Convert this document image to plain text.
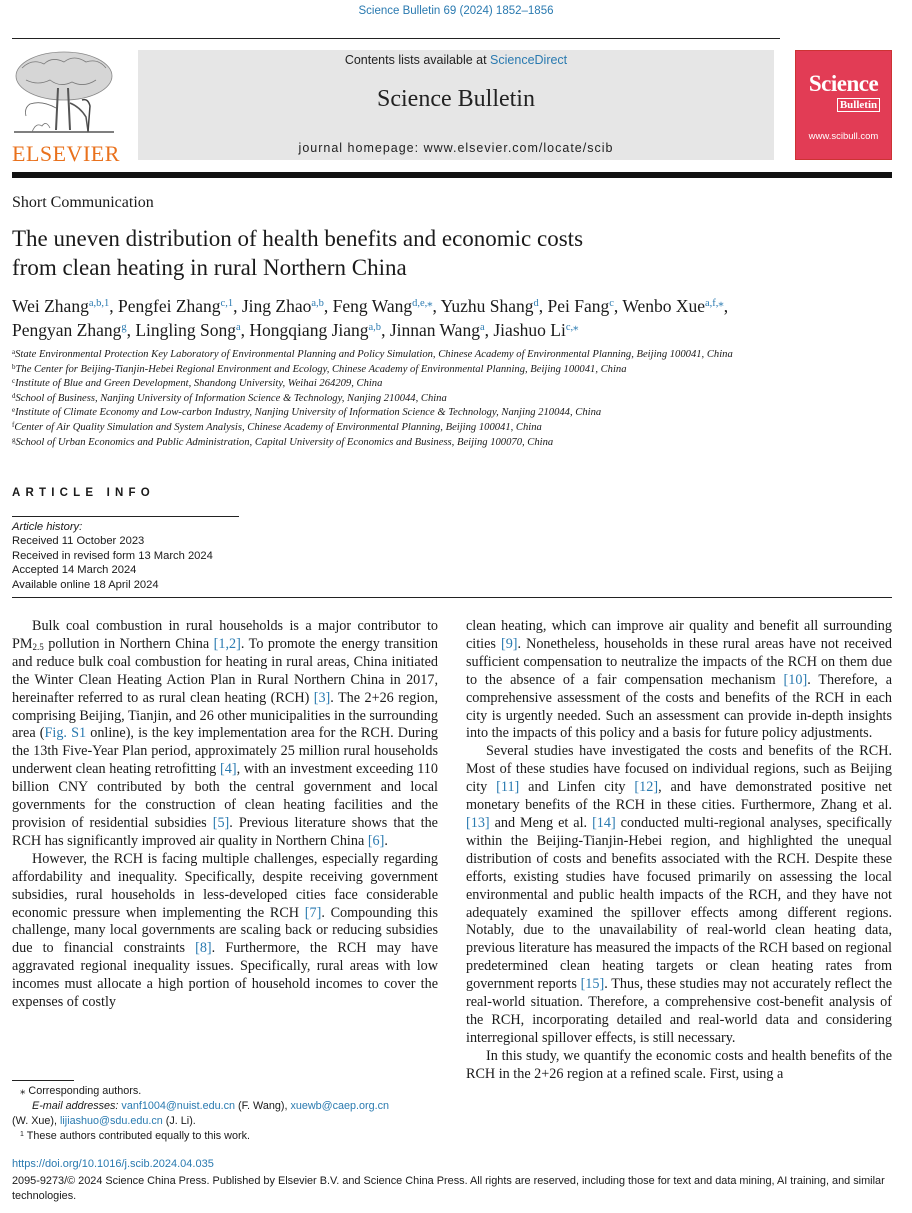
Science Bulletin 69 (2024) 1852–1856
ELSEVIER
Contents lists available at ScienceDirect
Science Bulletin
journal homepage: www.elsevier.com/locate/scib
Science
Bulletin
www.scibull.com
Short Communication
The uneven distribution of health benefits and economic costs
from clean heating in rural Northern China
Wei Zhang$^{a,b,1}$, Pengfei Zhang$^{c,1}$, Jing Zhao$^{a,b}$, Feng Wang$^{d,e,⁎}$, Yuzhu Shang$^d$, Pei Fang$^c$, Wenbo Xue$^{a,f,⁎}$,
Pengyan Zhang$^g$, Lingling Song$^a$, Hongqiang Jiang$^{a,b}$, Jinnan Wang$^a$, Jiashuo $Li^{c,⁎}$
$^a$State Environmental Protection Key Laboratory of Environmental Planning and Policy Simulation, Chinese Academy of Environmental Planning, Beijing 100041, China
$^b$The Center for Beijing-Tianjin-Hebei Regional Environment and Ecology, Chinese Academy of Environmental Planning, Beijing 100041, China
$^c$Institute of Blue and Green Development, Shandong University, Weihai 264209, China
$^d$School of Business, Nanjing University of Information Science & Technology, Nanjing 210044, China
$^e$Institute of Climate Economy and Low-carbon Industry, Nanjing University of Information Science & Technology, Nanjing 210044, China
$^f$Center of Air Quality Simulation and System Analysis, Chinese Academy of Environmental Planning, Beijing 100041, China
$^g$School of Urban Economics and Public Administration, Capital University of Economics and Business, Beijing 100070, China
ARTICLE INFO
Article history:
Received 11 October 2023
Received in revised form 13 March 2024
Accepted 14 March 2024
Available online 18 April 2024

Bulk coal combustion in rural households is a major contributor to $PM_{2.5}$ pollution in Northern China [1,2]. To promote the energy transition and reduce bulk coal combustion for heating in rural areas, China initiated the Winter Clean Heating Action Plan in Rural Northern China in 2017, hereinafter referred to as rural clean heating (RCH) [3]. The 2+26 region, comprising Beijing, Tianjin, and 26 other municipalities in the surrounding area (Fig. S1 online), is the key implementation area for the RCH. During the 13th Five-Year Plan period, approximately 25 million rural households underwent clean heating retrofitting [4], with an investment exceeding 110 billion CNY contributed by both the central government and local governments for the construction of clean heating facilities and the provision of residential subsidies [5]. Previous literature shows that the RCH has significantly improved air quality in Northern China [6].

However, the RCH is facing multiple challenges, especially regarding affordability and inequality. Specifically, despite receiving government subsidies, rural households in less-developed cities face considerable economic pressure when implementing the RCH [7]. Compounding this challenge, many local governments are scaling back or reducing subsidies due to financial constraints [8]. Furthermore, the RCH may have aggravated regional inequality issues. Specifically, rural areas with low incomes must allocate a high portion of household incomes to cover the expenses of costly

clean heating, which can improve air quality and benefit all surrounding cities [9]. Nonetheless, households in these rural areas have not received sufficient compensation to neutralize the impacts of the RCH on them due to the absence of a fair compensation mechanism [10]. Therefore, a comprehensive assessment of the costs and benefits of the RCH in each city is urgently needed. Such an assessment can provide in-depth insights into the impacts of this policy and a basis for future policy adjustments.

Several studies have investigated the costs and benefits of the RCH. Most of these studies have focused on individual regions, such as Beijing city [11] and Linfen city [12], and have demonstrated positive net monetary benefits of the RCH in these cities. Furthermore, Zhang et al. [13] and Meng et al. [14] conducted multi-regional analyses, specifically within the Beijing-Tianjin-Hebei region, and highlighted the unequal distribution of costs and benefits associated with the RCH. Despite these efforts, existing studies have focused primarily on assessing the local environmental and public health impacts of the RCH, and they have not adequately examined the spillover effects among different regions. Notably, due to the unavailability of real-world clean heating data, previous literature has measured the impacts of the RCH based on regional predetermined clean heating targets or clean heating rates from government reports [15]. Thus, these studies may not accurately reflect the real-world situation. Therefore, a comprehensive cost-benefit analysis of the RCH, incorporating detailed and real-world data and considering interregional spillover effects, is still necessary.

In this study, we quantify the economic costs and health benefits of the RCH in the 2+26 region at a refined scale. First, using a

⁎ Corresponding authors.
E-mail addresses: vanf1004@nuist.edu.cn (F. Wang), xuewb@caep.org.cn
(W. Xue), lijiashuo@sdu.edu.cn (J. Li).
$^1$ These authors contributed equally to this work.
https://doi.org/10.1016/j.scib.2024.04.035
2095-9273/© 2024 Science China Press. Published by Elsevier B.V. and Science China Press. All rights are reserved, including those for text and data mining, AI training, and similar technologies.
